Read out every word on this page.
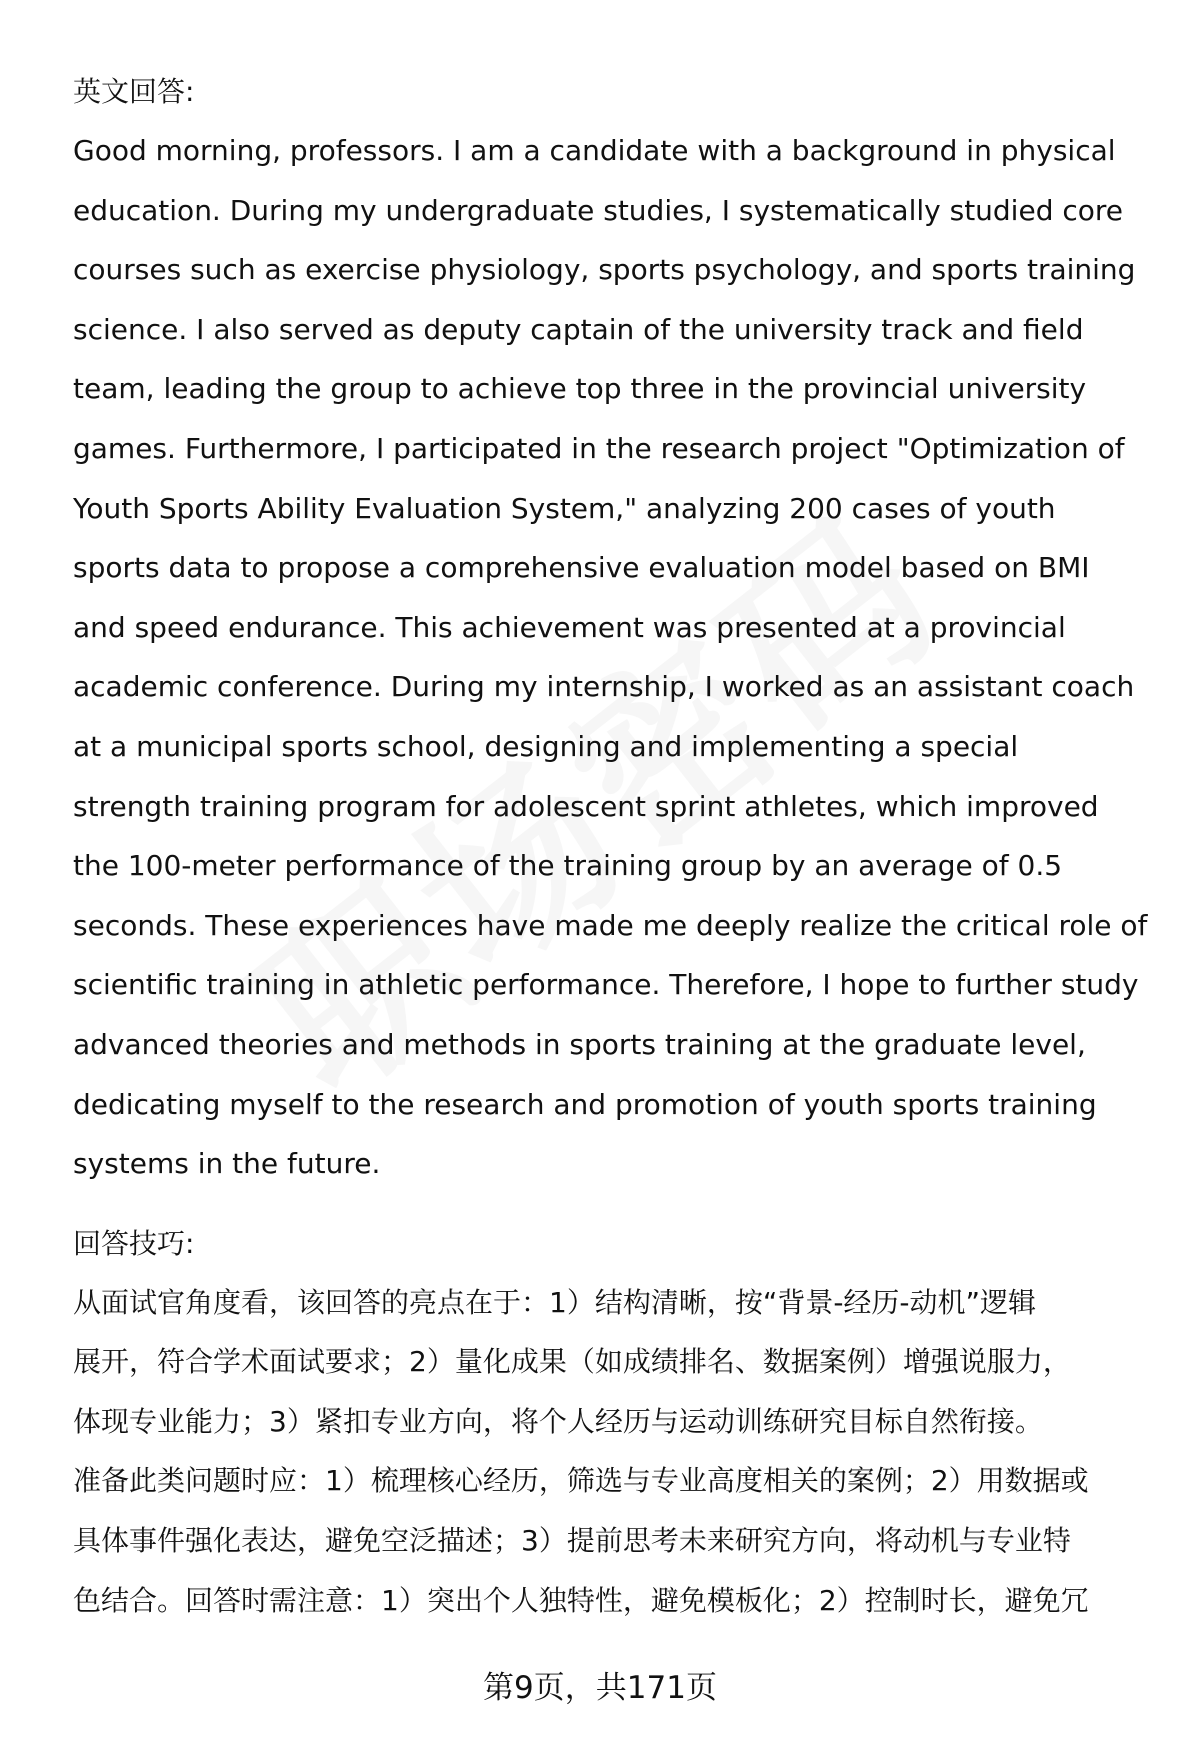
英文回答:

Good morning, professors. I am a candidate with a background in physical
education. During my undergraduate studies, I systematically studied core
courses such as exercise physiology, sports psychology, and sports training
science. I also served as deputy captain of the university track and field
team, leading the group to achieve top three in the provincial university
games. Furthermore, I participated in the research project "Optimization of
Youth Sports Ability Evaluation System," analyzing 200 cases of youth
sports data to propose a comprehensive evaluation model based on BMI
and speed endurance. This achievement was presented at a provincial
academic conference. During my internship, I worked as an assistant coach
at a municipal sports school, designing and implementing a special
strength training program for adolescent sprint athletes, which improved
the 100-meter performance of the training group by an average of 0.5
seconds. These experiences have made me deeply realize the critical role of
scientific training in athletic performance. Therefore, I hope to further study
advanced theories and methods in sports training at the graduate level,
dedicating myself to the research and promotion of youth sports training
systems in the future.

回答技巧:

从面试官角度看，该回答的亮点在于：1）结构清晰，按“背景-经历-动机”逻辑
展开，符合学术面试要求；2）量化成果（如成绩排名、数据案例）增强说服力，
体现专业能力；3）紧扣专业方向，将个人经历与运动训练研究目标自然衔接。
准备此类问题时应：1）梳理核心经历，筛选与专业高度相关的案例；2）用数据或
具体事件强化表达，避免空泛描述；3）提前思考未来研究方向，将动机与专业特
色结合。回答时需注意：1）突出个人独特性，避免模板化；2）控制时长，避免冗

第9页，共171页
